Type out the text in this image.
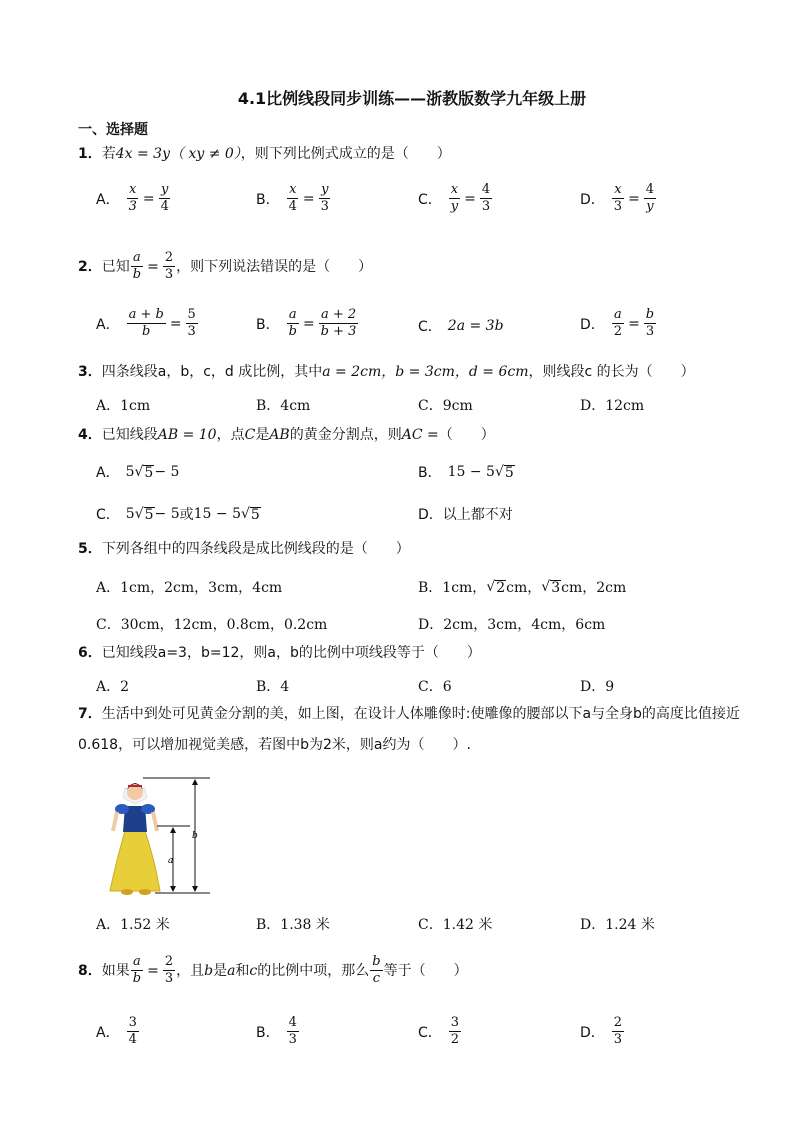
4.1比例线段同步训练——浙教版数学九年级上册
一、选择题
1．若4x = 3y（ xy ≠ 0），则下列比例式成立的是（　　）
A． $\frac{x}{3} = \frac{y}{4}$	B． $\frac{x}{4} = \frac{y}{3}$	C． $\frac{x}{y} = \frac{4}{3}$	D． $\frac{x}{3} = \frac{4}{y}$
2． 已知 $\frac{a}{b} = \frac{2}{3}$ ，则下列说法错误的是（　　）
A． $\frac{a + b}{b} = \frac{5}{3}$	B． $\frac{a}{b} = \frac{a + 2}{b + 3}$	C． 2a = 3b	D． $\frac{a}{2} = \frac{b}{3}$
3．四条线段a，b，c，d 成比例，其中a = 2cm，b = 3cm，d = 6cm，则线段c 的长为（　　）
A．1cm	B．4cm	C．9cm	D．12cm
4．已知线段AB = 10，点C是AB的黄金分割点，则AC =（　　）
A． 5 √ 5 − 5	B． 15 − 5 √ 5
C． 5 √ 5 − 5 或 15 − 5 √ 5	D．以上都不对
5．下列各组中的四条线段是成比例线段的是（　　）
A．1cm，2cm，3cm，4cm	B．1cm， √ 2 cm， √ 3 cm，2cm
C．30cm，12cm，0.8cm，0.2cm	D．2cm，3cm，4cm，6cm
6．已知线段a=3，b=12，则a，b的比例中项线段等于（　　）
A．2	B．4	C．6	D．9
7．生活中到处可见黄金分割的美，如上图，在设计人体雕像时:使雕像的腰部以下a与全身b的高度比值接近0.618，可以增加视觉美感，若图中b为2米，则a约为（　　）.
b
a
A．1.52 米	B．1.38 米	C．1.42 米	D．1.24 米
8． 如果 $\frac{a}{b} = \frac{2}{3}$ ，且 b 是 a 和 c 的比例中项，那么 $\frac{b}{c}$ 等于（　　）
A． $\frac{3}{4}$	B． $\frac{4}{3}$	C． $\frac{3}{2}$	D． $\frac{2}{3}$
